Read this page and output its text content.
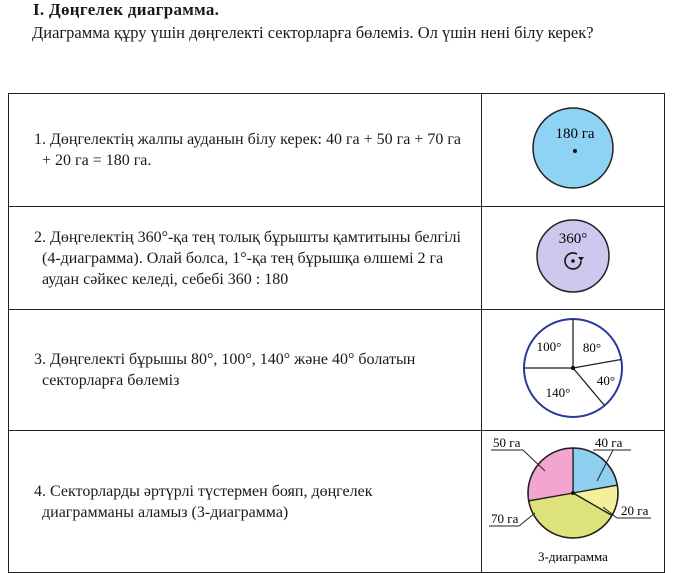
I. Дөңгелек диаграмма.
Диаграмма құру үшін дөңгелекті секторларға бөлеміз. Ол үшін нені білу керек?

1. Дөңгелектің жалпы ауданын білу керек: 40 га + 50 га + 70 га + 20 га = 180 га.	180 га

2. Дөңгелектің 360°-қа тең толық бұрышты қамтитыны белгілі (4-диаграмма). Олай болса, 1°-қа тең бұрышқа өлшемі 2 га аудан сәйкес келеді, себебі 360 : 180	360°

3. Дөңгелекті бұрышы 80°, 100°, 140° және 40° болатын секторларға бөлеміз	100° 80°
140°
40°

4. Секторларды әртүрлі түстермен бояп, дөңгелек диаграмманы аламыз (3-диаграмма)	40 га
50 га
70 га
20 га
3-диаграмма
